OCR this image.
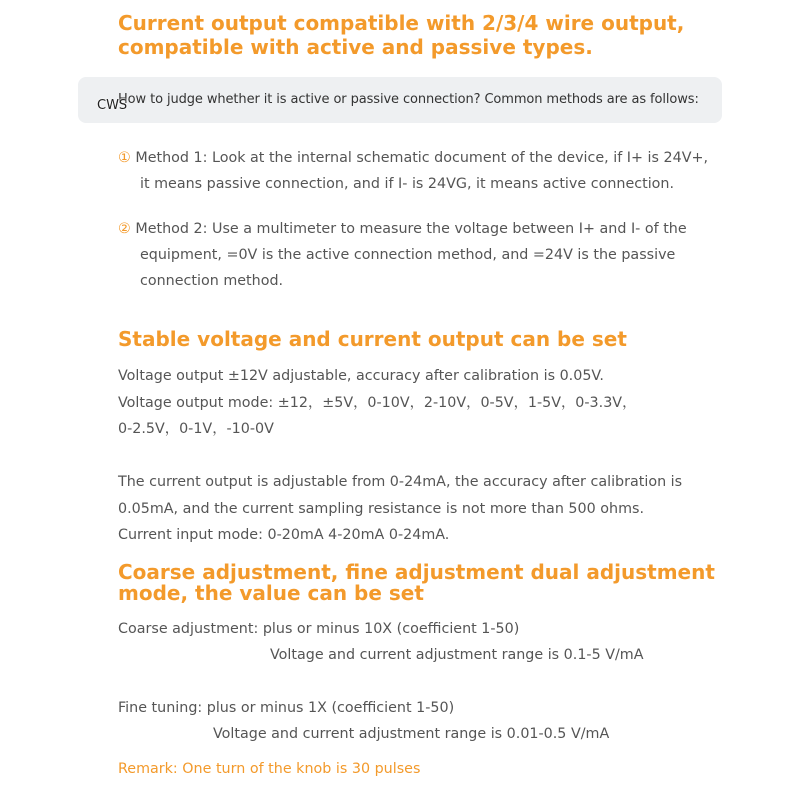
Current output compatible with 2/3/4 wire output,
compatible with active and passive types.
How to judge whether it is active or passive connection? Common methods are as follows:
CWS
① Method 1: Look at the internal schematic document of the device, if I+ is 24V+,
it means passive connection, and if I- is 24VG, it means active connection.
② Method 2: Use a multimeter to measure the voltage between I+ and I- of the
equipment, =0V is the active connection method, and =24V is the passive
connection method.
Stable voltage and current output can be set
Voltage output ±12V adjustable, accuracy after calibration is 0.05V.
Voltage output mode: ±12，±5V，0-10V，2-10V，0-5V，1-5V，0-3.3V，
0-2.5V，0-1V，-10-0V
The current output is adjustable from 0-24mA, the accuracy after calibration is
0.05mA, and the current sampling resistance is not more than 500 ohms.
Current input mode: 0-20mA 4-20mA 0-24mA.
Coarse adjustment, fine adjustment dual adjustment
mode, the value can be set
Coarse adjustment: plus or minus 10X (coefficient 1-50)
Voltage and current adjustment range is 0.1-5 V/mA
Fine tuning: plus or minus 1X (coefficient 1-50)
Voltage and current adjustment range is 0.01-0.5 V/mA
Remark: One turn of the knob is 30 pulses
